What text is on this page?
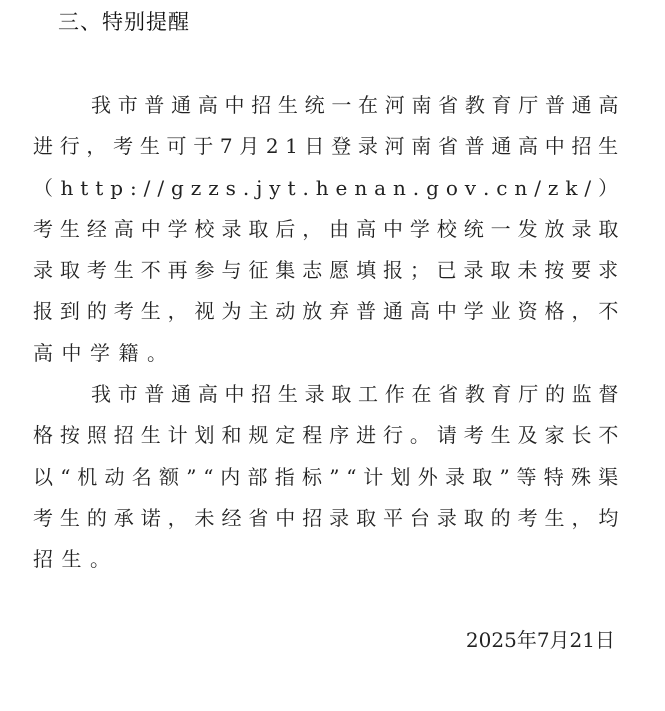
三、特别提醒
我 市 普 通 高 中 招 生 统 一 在 河 南 省 教 育 厅 普 通 高
进 行 ， 考 生 可 于 7 月 2 1 日 登 录 河 南 省 普 通 高 中 招 生
（ h t t p : / / g z z s . j y t . h e n a n . g o v . c n / z k / ）
考 生 经 高 中 学 校 录 取 后 ， 由 高 中 学 校 统 一 发 放 录 取
录 取 考 生 不 再 参 与 征 集 志 愿 填 报 ； 已 录 取 未 按 要 求
报 到 的 考 生 ， 视 为 主 动 放 弃 普 通 高 中 学 业 资 格 ， 不
高中学籍。
我 市 普 通 高 中 招 生 录 取 工 作 在 省 教 育 厅 的 监 督
格 按 照 招 生 计 划 和 规 定 程 序 进 行 。 请 考 生 及 家 长 不
以 “ 机 动 名 额 ” “ 内 部 指 标 ” “ 计 划 外 录 取 ” 等 特 殊 渠
考 生 的 承 诺 ， 未 经 省 中 招 录 取 平 台 录 取 的 考 生 ， 均
招生。
2025年7月21日
